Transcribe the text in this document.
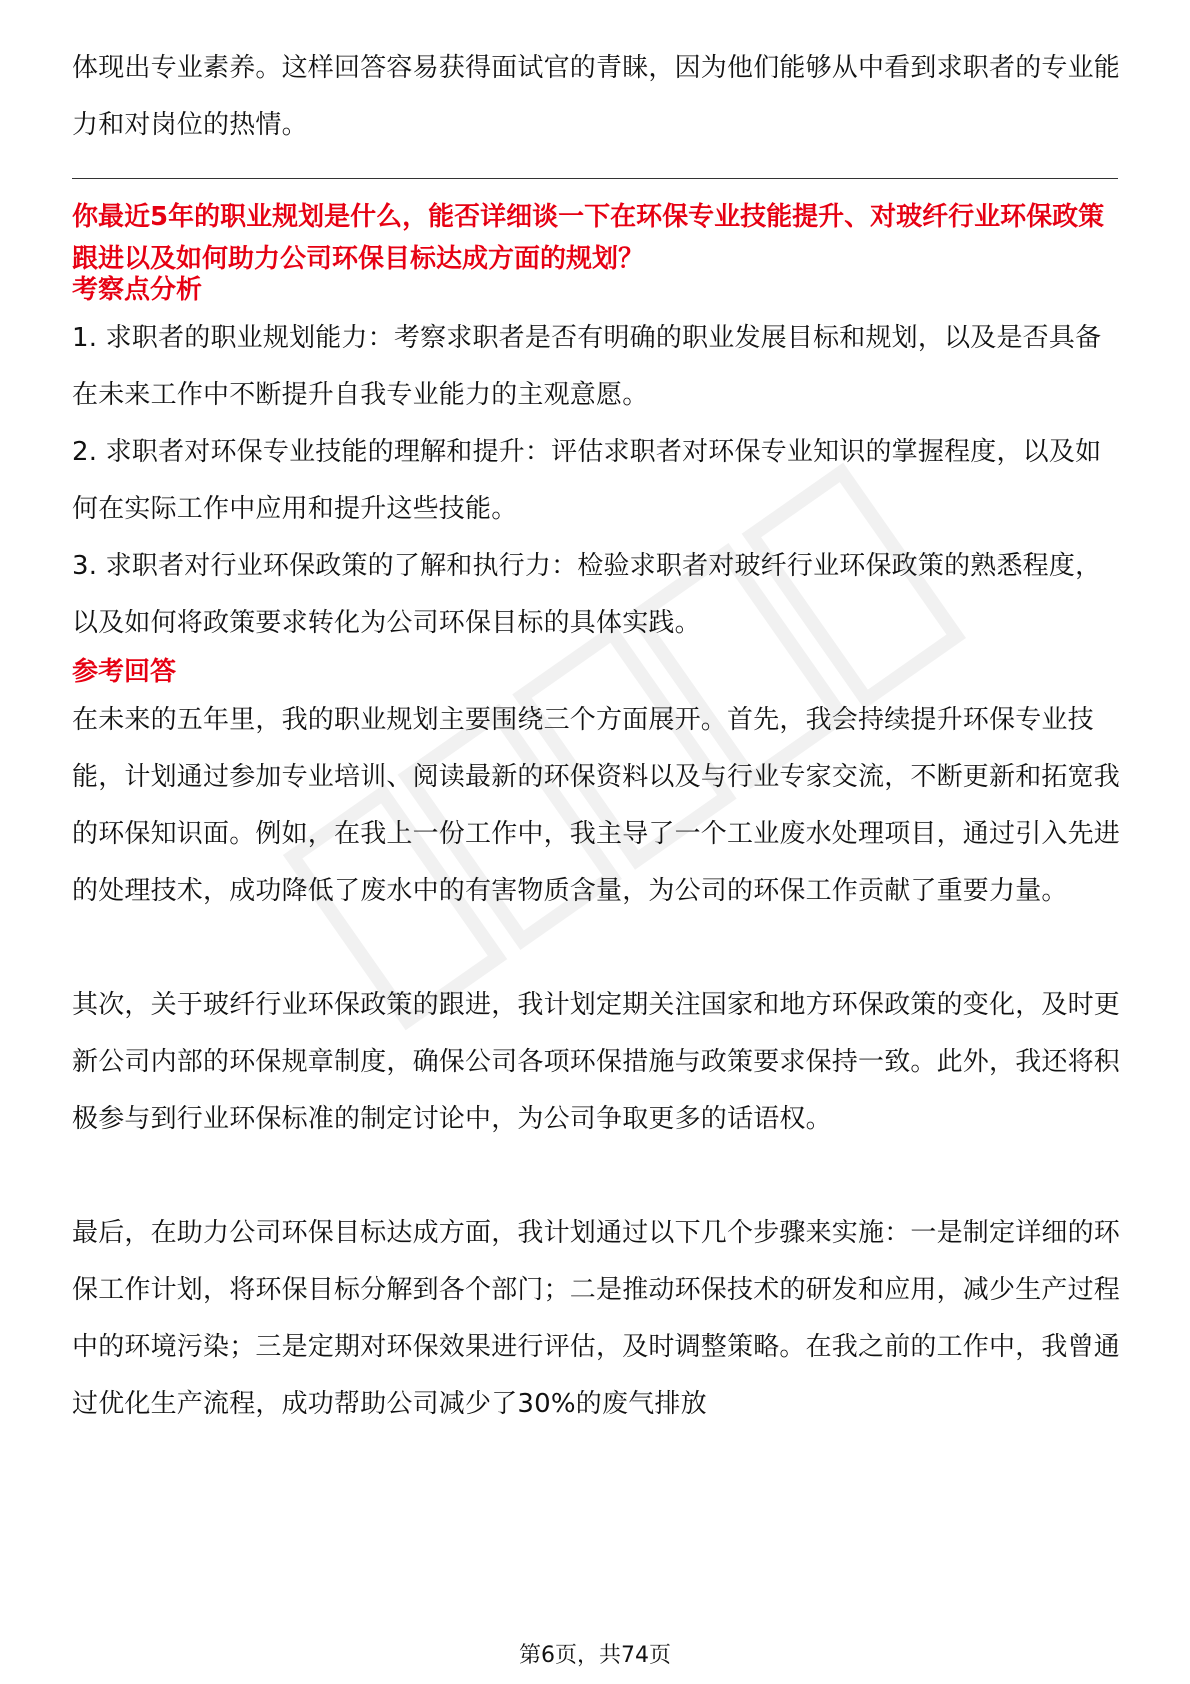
体现出专业素养。这样回答容易获得面试官的青睐，因为他们能够从中看到求职者的专业能力和对岗位的热情。

你最近5年的职业规划是什么，能否详细谈一下在环保专业技能提升、对玻纤行业环保政策跟进以及如何助力公司环保目标达成方面的规划？

考察点分析

1. 求职者的职业规划能力：考察求职者是否有明确的职业发展目标和规划，以及是否具备在未来工作中不断提升自我专业能力的主观意愿。

2. 求职者对环保专业技能的理解和提升：评估求职者对环保专业知识的掌握程度，以及如何在实际工作中应用和提升这些技能。

3. 求职者对行业环保政策的了解和执行力：检验求职者对玻纤行业环保政策的熟悉程度，以及如何将政策要求转化为公司环保目标的具体实践。

参考回答

在未来的五年里，我的职业规划主要围绕三个方面展开。首先，我会持续提升环保专业技能，计划通过参加专业培训、阅读最新的环保资料以及与行业专家交流，不断更新和拓宽我的环保知识面。例如，在我上一份工作中，我主导了一个工业废水处理项目，通过引入先进的处理技术，成功降低了废水中的有害物质含量，为公司的环保工作贡献了重要力量。

其次，关于玻纤行业环保政策的跟进，我计划定期关注国家和地方环保政策的变化，及时更新公司内部的环保规章制度，确保公司各项环保措施与政策要求保持一致。此外，我还将积极参与到行业环保标准的制定讨论中，为公司争取更多的话语权。

最后，在助力公司环保目标达成方面，我计划通过以下几个步骤来实施：一是制定详细的环保工作计划，将环保目标分解到各个部门；二是推动环保技术的研发和应用，减少生产过程中的环境污染；三是定期对环保效果进行评估，及时调整策略。在我之前的工作中，我曾通过优化生产流程，成功帮助公司减少了30%的废气排放

第6页，共74页
